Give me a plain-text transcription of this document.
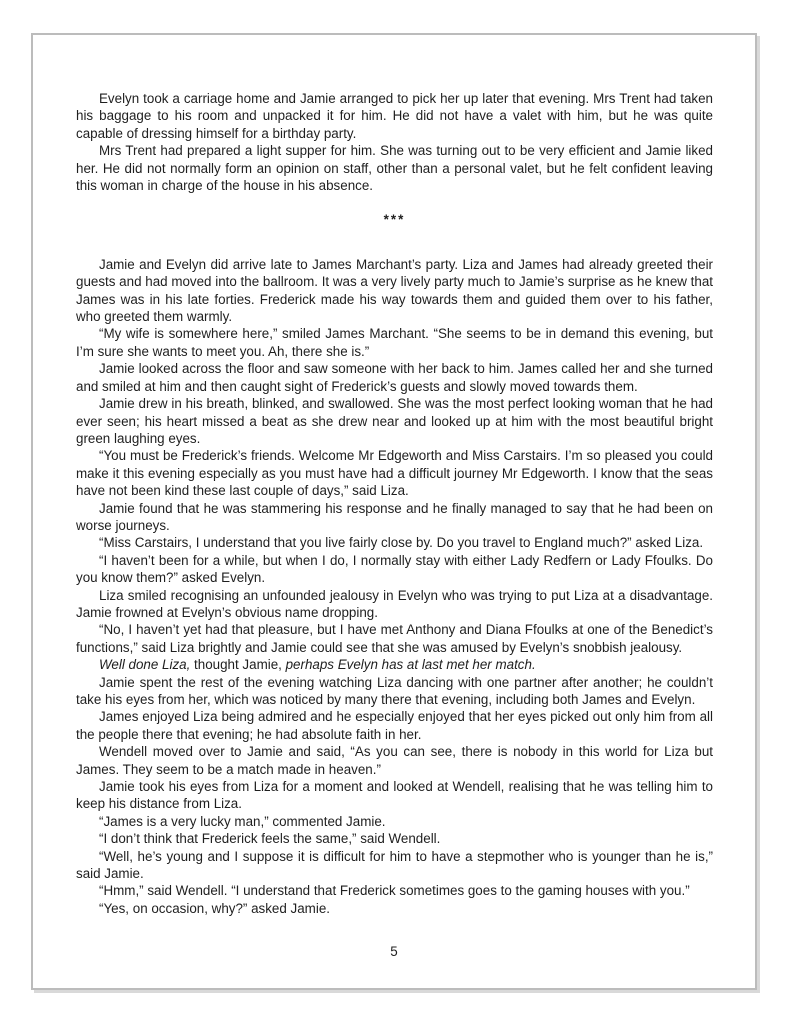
Evelyn took a carriage home and Jamie arranged to pick her up later that evening. Mrs Trent had taken his baggage to his room and unpacked it for him. He did not have a valet with him, but he was quite capable of dressing himself for a birthday party.

Mrs Trent had prepared a light supper for him. She was turning out to be very efficient and Jamie liked her. He did not normally form an opinion on staff, other than a personal valet, but he felt confident leaving this woman in charge of the house in his absence.

***

Jamie and Evelyn did arrive late to James Marchant’s party. Liza and James had already greeted their guests and had moved into the ballroom. It was a very lively party much to Jamie’s surprise as he knew that James was in his late forties. Frederick made his way towards them and guided them over to his father, who greeted them warmly.

“My wife is somewhere here,” smiled James Marchant. “She seems to be in demand this evening, but I’m sure she wants to meet you. Ah, there she is.”

Jamie looked across the floor and saw someone with her back to him. James called her and she turned and smiled at him and then caught sight of Frederick’s guests and slowly moved towards them.

Jamie drew in his breath, blinked, and swallowed. She was the most perfect looking woman that he had ever seen; his heart missed a beat as she drew near and looked up at him with the most beautiful bright green laughing eyes.

“You must be Frederick’s friends. Welcome Mr Edgeworth and Miss Carstairs. I’m so pleased you could make it this evening especially as you must have had a difficult journey Mr Edgeworth. I know that the seas have not been kind these last couple of days,” said Liza.

Jamie found that he was stammering his response and he finally managed to say that he had been on worse journeys.

“Miss Carstairs, I understand that you live fairly close by. Do you travel to England much?” asked Liza.

“I haven’t been for a while, but when I do, I normally stay with either Lady Redfern or Lady Ffoulks. Do you know them?” asked Evelyn.

Liza smiled recognising an unfounded jealousy in Evelyn who was trying to put Liza at a disadvantage. Jamie frowned at Evelyn’s obvious name dropping.

“No, I haven’t yet had that pleasure, but I have met Anthony and Diana Ffoulks at one of the Benedict’s functions,” said Liza brightly and Jamie could see that she was amused by Evelyn’s snobbish jealousy.

Well done Liza, thought Jamie, perhaps Evelyn has at last met her match.

Jamie spent the rest of the evening watching Liza dancing with one partner after another; he couldn’t take his eyes from her, which was noticed by many there that evening, including both James and Evelyn.

James enjoyed Liza being admired and he especially enjoyed that her eyes picked out only him from all the people there that evening; he had absolute faith in her.

Wendell moved over to Jamie and said, “As you can see, there is nobody in this world for Liza but James. They seem to be a match made in heaven.”

Jamie took his eyes from Liza for a moment and looked at Wendell, realising that he was telling him to keep his distance from Liza.

“James is a very lucky man,” commented Jamie.

“I don’t think that Frederick feels the same,” said Wendell.

“Well, he’s young and I suppose it is difficult for him to have a stepmother who is younger than he is,” said Jamie.

“Hmm,” said Wendell. “I understand that Frederick sometimes goes to the gaming houses with you.”

“Yes, on occasion, why?” asked Jamie.

5
